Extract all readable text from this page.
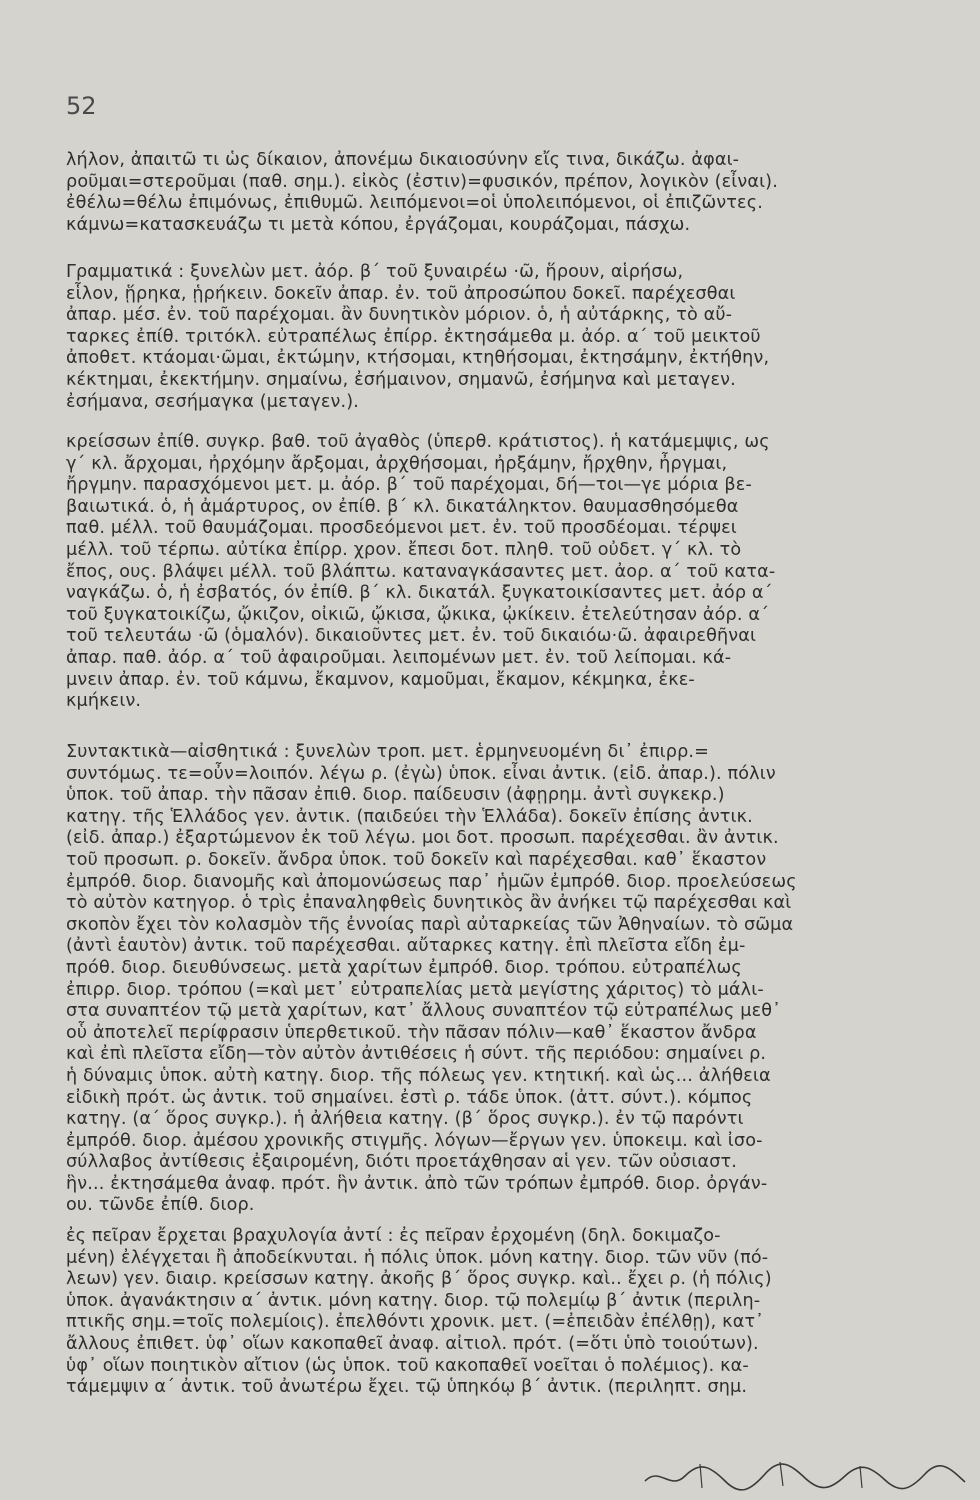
52
λήλον, ἀπαιτῶ τι ὡς δίκαιον, ἀπονέμω δικαιοσύνην εἴς τινα, δικάζω. ἀφαι-
ροῦμαι=στεροῦμαι (παθ. σημ.). εἰκὸς (ἐστιν)=φυσικόν, πρέπον, λογικὸν (εἶναι).
ἐθέλω=θέλω ἐπιμόνως, ἐπιθυμῶ. λειπόμενοι=οἱ ὑπολειπόμενοι, οἱ ἐπιζῶντες.
κάμνω=κατασκευάζω τι μετὰ κόπου, ἐργάζομαι, κουράζομαι, πάσχω.
Γραμματικά : ξυνελὼν μετ. ἀόρ. β΄ τοῦ ξυναιρέω ·ῶ, ἥρουν, αἱρήσω,
εἷλον, ᾕρηκα, ᾑρήκειν. δοκεῖν ἀπαρ. ἐν. τοῦ ἀπροσώπου δοκεῖ. παρέχεσθαι
ἀπαρ. μέσ. ἐν. τοῦ παρέχομαι. ἂν δυνητικὸν μόριον. ὁ, ἡ αὐτάρκης, τὸ αὔ-
ταρκες ἐπίθ. τριτόκλ. εὐτραπέλως ἐπίρρ. ἐκτησάμεθα μ. ἀόρ. α΄ τοῦ μεικτοῦ
ἀποθετ. κτάομαι·ῶμαι, ἐκτώμην, κτήσομαι, κτηθήσομαι, ἐκτησάμην, ἐκτήθην,
κέκτημαι, ἐκεκτήμην. σημαίνω, ἐσήμαινον, σημανῶ, ἐσήμηνα καὶ μεταγεν.
ἐσήμανα, σεσήμαγκα (μεταγεν.).
κρείσσων ἐπίθ. συγκρ. βαθ. τοῦ ἀγαθὸς (ὑπερθ. κράτιστος). ἡ κατάμεμψις, ως
γ΄ κλ. ἄρχομαι, ἠρχόμην ἄρξομαι, ἀρχθήσομαι, ἠρξάμην, ἤρχθην, ἦργμαι,
ἤργμην. παρασχόμενοι μετ. μ. ἀόρ. β΄ τοῦ παρέχομαι, δή—τοι—γε μόρια βε-
βαιωτικά. ὁ, ἡ ἀμάρτυρος, ον ἐπίθ. β΄ κλ. δικατάληκτον. θαυμασθησόμεθα
παθ. μέλλ. τοῦ θαυμάζομαι. προσδεόμενοι μετ. ἐν. τοῦ προσδέομαι. τέρψει
μέλλ. τοῦ τέρπω. αὐτίκα ἐπίρρ. χρον. ἔπεσι δοτ. πληθ. τοῦ οὐδετ. γ΄ κλ. τὸ
ἔπος, ους. βλάψει μέλλ. τοῦ βλάπτω. καταναγκάσαντες μετ. ἀορ. α΄ τοῦ κατα-
ναγκάζω. ὁ, ἡ ἐσβατός, όν ἐπίθ. β΄ κλ. δικατάλ. ξυγκατοικίσαντες μετ. ἀόρ α΄
τοῦ ξυγκατοικίζω, ᾤκιζον, οἰκιῶ, ᾤκισα, ᾤκικα, ᾠκίκειν. ἐτελεύτησαν ἀόρ. α΄
τοῦ τελευτάω ·ῶ (ὁμαλόν). δικαιοῦντες μετ. ἐν. τοῦ δικαιόω·ῶ. ἀφαιρεθῆναι
ἀπαρ. παθ. ἀόρ. α΄ τοῦ ἀφαιροῦμαι. λειπομένων μετ. ἐν. τοῦ λείπομαι. κά-
μνειν ἀπαρ. ἐν. τοῦ κάμνω, ἔκαμνον, καμοῦμαι, ἔκαμον, κέκμηκα, ἐκε-
κμήκειν.
Συντακτικὰ—αἰσθητικά : ξυνελὼν τροπ. μετ. ἑρμηνευομένη δι᾽ ἐπιρρ.=
συντόμως. τε=οὖν=λοιπόν. λέγω ρ. (ἐγὼ) ὑποκ. εἶναι ἀντικ. (εἰδ. ἀπαρ.). πόλιν
ὑποκ. τοῦ ἀπαρ. τὴν πᾶσαν ἐπιθ. διορ. παίδευσιν (ἀφῃρημ. ἀντὶ συγκεκρ.)
κατηγ. τῆς Ἑλλάδος γεν. ἀντικ. (παιδεύει τὴν Ἑλλάδα). δοκεῖν ἐπίσης ἀντικ.
(εἰδ. ἀπαρ.) ἐξαρτώμενον ἐκ τοῦ λέγω. μοι δοτ. προσωπ. παρέχεσθαι. ἂν ἀντικ.
τοῦ προσωπ. ρ. δοκεῖν. ἄνδρα ὑποκ. τοῦ δοκεῖν καὶ παρέχεσθαι. καθ᾽ ἕκαστον
ἐμπρόθ. διορ. διανομῆς καὶ ἀπομονώσεως παρ᾽ ἡμῶν ἐμπρόθ. διορ. προελεύσεως
τὸ αὐτὸν κατηγορ. ὁ τρὶς ἐπαναληφθεὶς δυνητικὸς ἂν ἀνήκει τῷ παρέχεσθαι καὶ
σκοπὸν ἔχει τὸν κολασμὸν τῆς ἐννοίας παρὶ αὐταρκείας τῶν Ἀθηναίων. τὸ σῶμα
(ἀντὶ ἑαυτὸν) ἀντικ. τοῦ παρέχεσθαι. αὔταρκες κατηγ. ἐπὶ πλεῖστα εἴδη ἐμ-
πρόθ. διορ. διευθύνσεως. μετὰ χαρίτων ἐμπρόθ. διορ. τρόπου. εὐτραπέλως
ἐπιρρ. διορ. τρόπου (=καὶ μετ᾽ εὐτραπελίας μετὰ μεγίστης χάριτος) τὸ μάλι-
στα συναπτέον τῷ μετὰ χαρίτων, κατ᾽ ἄλλους συναπτέον τῷ εὐτραπέλως μεθ᾽
οὗ ἀποτελεῖ περίφρασιν ὑπερθετικοῦ. τὴν πᾶσαν πόλιν—καθ᾽ ἕκαστον ἄνδρα
καὶ ἐπὶ πλεῖστα εἴδη—τὸν αὐτὸν ἀντιθέσεις ἡ σύντ. τῆς περιόδου: σημαίνει ρ.
ἡ δύναμις ὑποκ. αὐτὴ κατηγ. διορ. τῆς πόλεως γεν. κτητική. καὶ ὡς... ἀλήθεια
εἰδικὴ πρότ. ὡς ἀντικ. τοῦ σημαίνει. ἐστὶ ρ. τάδε ὑποκ. (ἀττ. σύντ.). κόμπος
κατηγ. (α΄ ὅρος συγκρ.). ἡ ἀλήθεια κατηγ. (β΄ ὅρος συγκρ.). ἐν τῷ παρόντι
ἐμπρόθ. διορ. ἀμέσου χρονικῆς στιγμῆς. λόγων—ἔργων γεν. ὑποκειμ. καὶ ἰσο-
σύλλαβος ἀντίθεσις ἐξαιρομένη, διότι προετάχθησαν αἱ γεν. τῶν οὐσιαστ.
ἣν... ἐκτησάμεθα ἀναφ. πρότ. ἣν ἀντικ. ἀπὸ τῶν τρόπων ἐμπρόθ. διορ. ὀργάν-
ου. τῶνδε ἐπίθ. διορ.
ἐς πεῖραν ἔρχεται βραχυλογία ἀντί : ἐς πεῖραν ἐρχομένη (δηλ. δοκιμαζο-
μένη) ἐλέγχεται ἢ ἀποδείκνυται. ἡ πόλις ὑποκ. μόνη κατηγ. διορ. τῶν νῦν (πό-
λεων) γεν. διαιρ. κρείσσων κατηγ. ἀκοῆς β΄ ὅρος συγκρ. καὶ.. ἔχει ρ. (ἡ πόλις)
ὑποκ. ἀγανάκτησιν α΄ ἀντικ. μόνη κατηγ. διορ. τῷ πολεμίῳ β΄ ἀντικ (περιλη-
πτικῆς σημ.=τοῖς πολεμίοις). ἐπελθόντι χρονικ. μετ. (=ἐπειδὰν ἐπέλθῃ), κατ᾽
ἄλλους ἐπιθετ. ὑφ᾽ οἵων κακοπαθεῖ ἀναφ. αἰτιολ. πρότ. (=ὅτι ὑπὸ τοιούτων).
ὑφ᾽ οἵων ποιητικὸν αἴτιον (ὡς ὑποκ. τοῦ κακοπαθεῖ νοεῖται ὁ πολέμιος). κα-
τάμεμψιν α΄ ἀντικ. τοῦ ἀνωτέρω ἔχει. τῷ ὑπηκόῳ β΄ ἀντικ. (περιληπτ. σημ.
